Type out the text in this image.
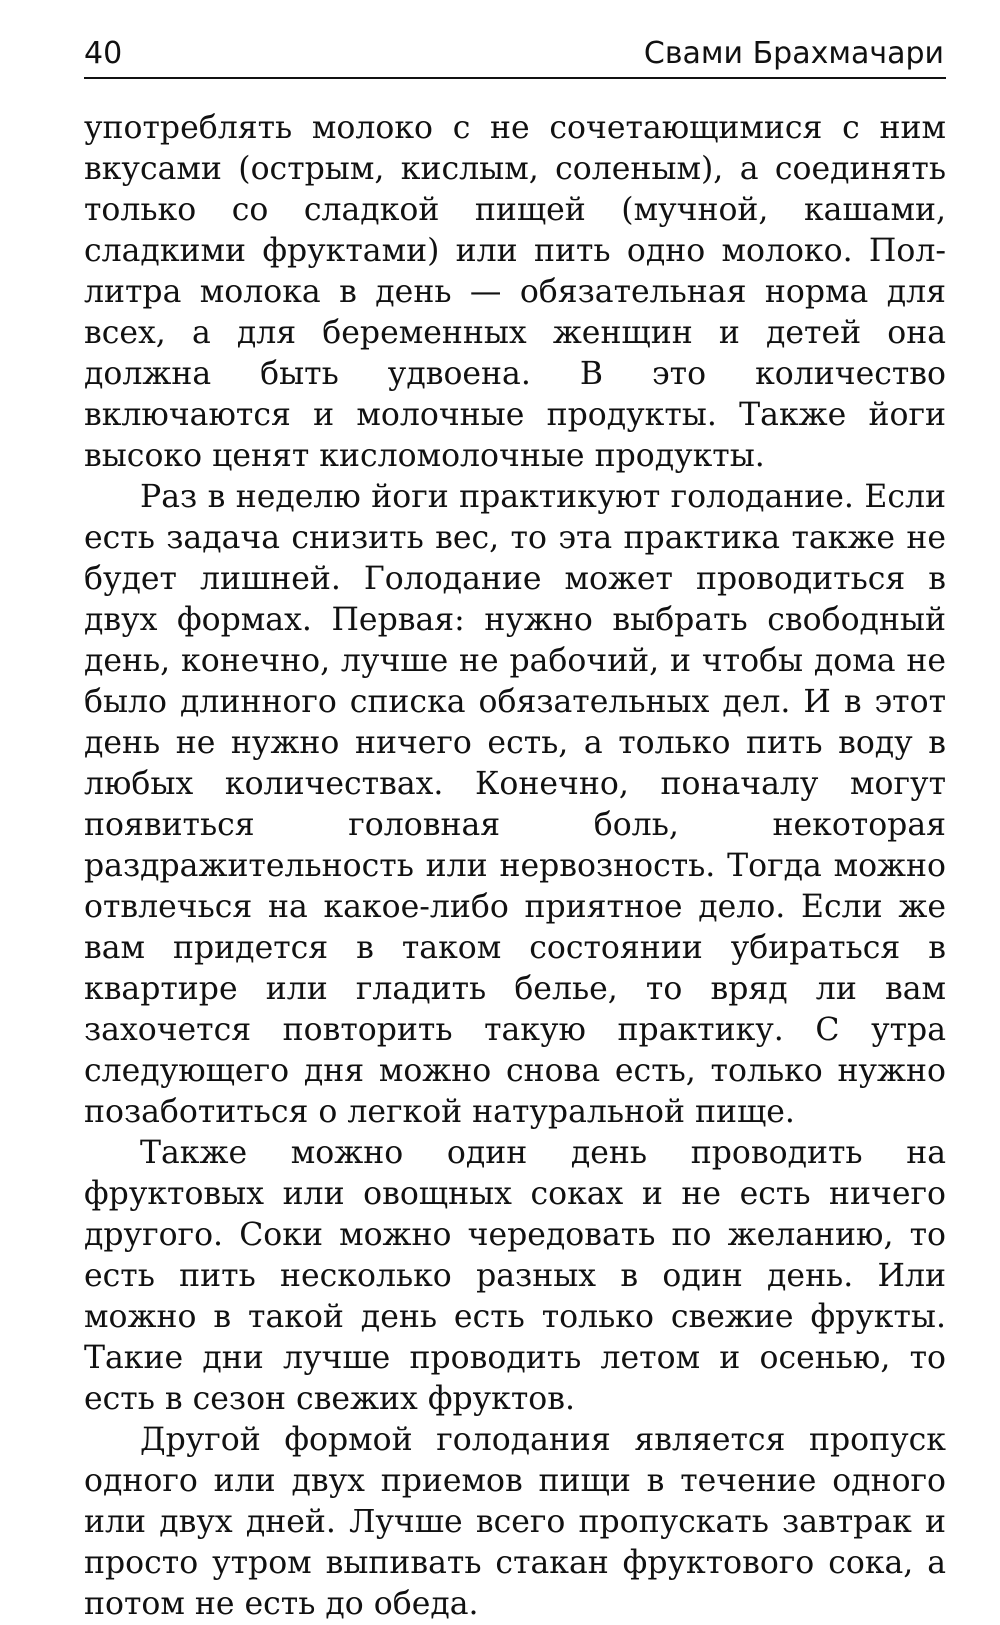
40	Свами Брахмачари

употреблять молоко с не сочетающимися с ним вкусами (острым, кислым, соленым), а соединять только со сладкой пищей (мучной, кашами, сладкими фруктами) или пить одно молоко. Пол-литра молока в день — обязательная норма для всех, а для беременных женщин и детей она должна быть удвоена. В это количество включаются и молочные продукты. Также йоги высоко ценят кисломолочные продукты.

Раз в неделю йоги практикуют голодание. Если есть задача снизить вес, то эта практика также не будет лишней. Голодание может проводиться в двух формах. Первая: нужно выбрать свободный день, конечно, лучше не рабочий, и чтобы дома не было длинного списка обязательных дел. И в этот день не нужно ничего есть, а только пить воду в любых количествах. Конечно, поначалу могут появиться головная боль, некоторая раздражительность или нервозность. Тогда можно отвлечься на какое-либо приятное дело. Если же вам придется в таком состоянии убираться в квартире или гладить белье, то вряд ли вам захочется повторить такую практику. С утра следующего дня можно снова есть, только нужно позаботиться о легкой натуральной пище.

Также можно один день проводить на фруктовых или овощных соках и не есть ничего другого. Соки можно чередовать по желанию, то есть пить несколько разных в один день. Или можно в такой день есть только свежие фрукты. Такие дни лучше проводить летом и осенью, то есть в сезон свежих фруктов.

Другой формой голодания является пропуск одного или двух приемов пищи в течение одного или двух дней. Лучше всего пропускать завтрак и просто утром выпивать стакан фруктового сока, а потом не есть до обеда.
